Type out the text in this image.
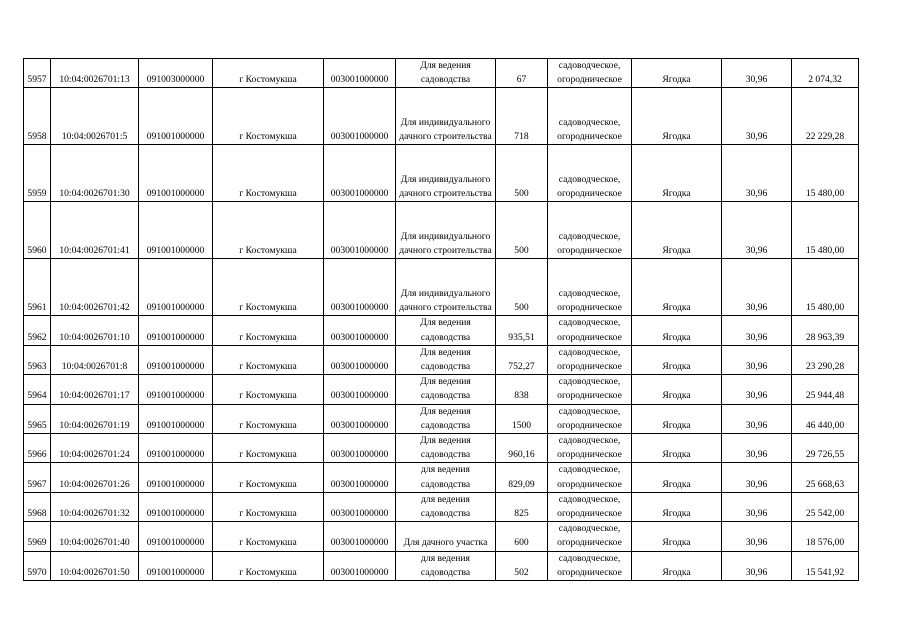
5957	10:04:0026701:13	091003000000	г Костомукша	003001000000	Для ведения садоводства	67	садоводческое, огородническое	Ягодка	30,96	2 074,32
5958	10:04:0026701:5	091001000000	г Костомукша	003001000000	Для индивидуального дачного строительства	718	садоводческое, огородническое	Ягодка	30,96	22 229,28
5959	10:04:0026701:30	091001000000	г Костомукша	003001000000	Для индивидуального дачного строительства	500	садоводческое, огородническое	Ягодка	30,96	15 480,00
5960	10:04:0026701:41	091001000000	г Костомукша	003001000000	Для индивидуального дачного строительства	500	садоводческое, огородническое	Ягодка	30,96	15 480,00
5961	10:04:0026701:42	091001000000	г Костомукша	003001000000	Для индивидуального дачного строительства	500	садоводческое, огородническое	Ягодка	30,96	15 480,00
5962	10:04:0026701:10	091001000000	г Костомукша	003001000000	Для ведения садоводства	935,51	садоводческое, огородническое	Ягодка	30,96	28 963,39
5963	10:04:0026701:8	091001000000	г Костомукша	003001000000	Для ведения садоводства	752,27	садоводческое, огородническое	Ягодка	30,96	23 290,28
5964	10:04:0026701:17	091001000000	г Костомукша	003001000000	Для ведения садоводства	838	садоводческое, огородническое	Ягодка	30,96	25 944,48
5965	10:04:0026701:19	091001000000	г Костомукша	003001000000	Для ведения садоводства	1500	садоводческое, огородническое	Ягодка	30,96	46 440,00
5966	10:04:0026701:24	091001000000	г Костомукша	003001000000	Для ведения садоводства	960,16	садоводческое, огородническое	Ягодка	30,96	29 726,55
5967	10:04:0026701:26	091001000000	г Костомукша	003001000000	для ведения садоводства	829,09	садоводческое, огородническое	Ягодка	30,96	25 668,63
5968	10:04:0026701:32	091001000000	г Костомукша	003001000000	для ведения садоводства	825	садоводческое, огородническое	Ягодка	30,96	25 542,00
5969	10:04:0026701:40	091001000000	г Костомукша	003001000000	Для дачного участка	600	садоводческое, огородническое	Ягодка	30,96	18 576,00
5970	10:04:0026701:50	091001000000	г Костомукша	003001000000	для ведения садоводства	502	садоводческое, огородническое	Ягодка	30,96	15 541,92
